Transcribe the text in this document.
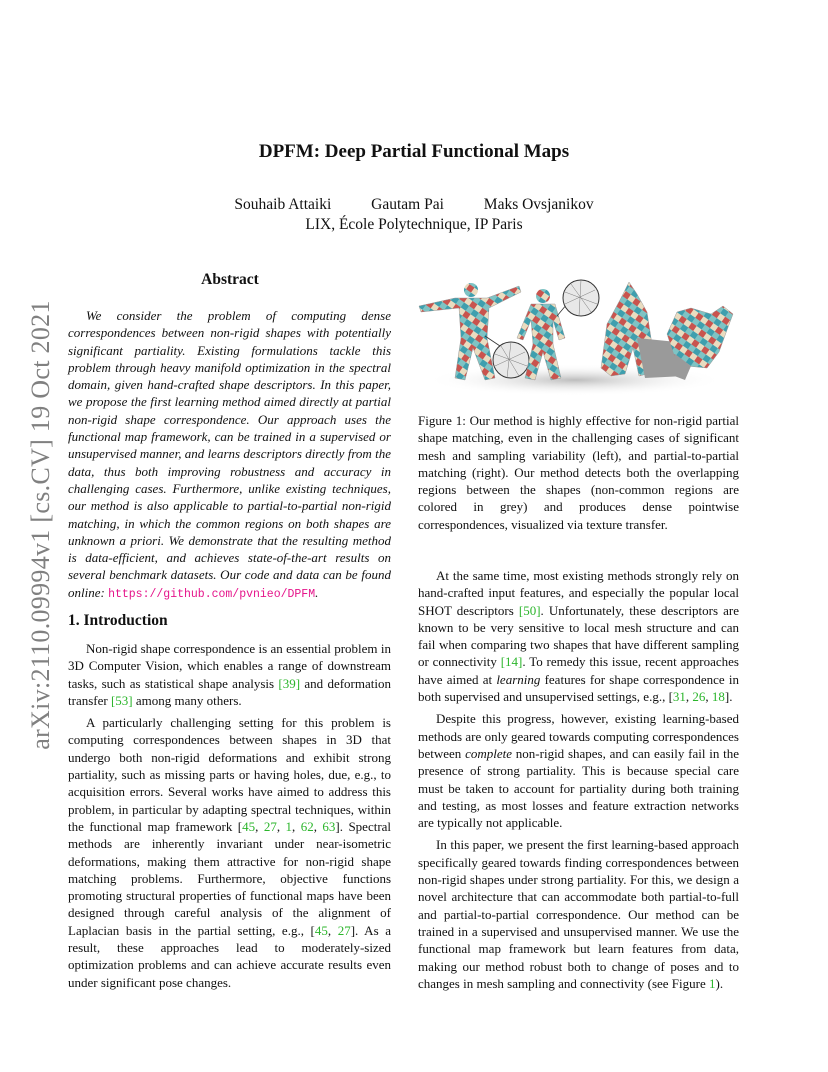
DPFM: Deep Partial Functional Maps
Souhaib Attaiki	Gautam Pai	Maks Ovsjanikov
LIX, École Polytechnique, IP Paris
arXiv:2110.09994v1 [cs.CV] 19 Oct 2021
Abstract
We consider the problem of computing dense correspondences between non-rigid shapes with potentially significant partiality. Existing formulations tackle this problem through heavy manifold optimization in the spectral domain, given hand-crafted shape descriptors. In this paper, we propose the first learning method aimed directly at partial non-rigid shape correspondence. Our approach uses the functional map framework, can be trained in a supervised or unsupervised manner, and learns descriptors directly from the data, thus both improving robustness and accuracy in challenging cases. Furthermore, unlike existing techniques, our method is also applicable to partial-to-partial non-rigid matching, in which the common regions on both shapes are unknown a priori. We demonstrate that the resulting method is data-efficient, and achieves state-of-the-art results on several benchmark datasets. Our code and data can be found online: https://github.com/pvnieo/DPFM.
1. Introduction

Non-rigid shape correspondence is an essential problem in 3D Computer Vision, which enables a range of downstream tasks, such as statistical shape analysis [39] and deformation transfer [53] among many others.

A particularly challenging setting for this problem is computing correspondences between shapes in 3D that undergo both non-rigid deformations and exhibit strong partiality, such as missing parts or having holes, due, e.g., to acquisition errors. Several works have aimed to address this problem, in particular by adapting spectral techniques, within the functional map framework [45, 27, 1, 62, 63]. Spectral methods are inherently invariant under near-isometric deformations, making them attractive for non-rigid shape matching problems. Furthermore, objective functions promoting structural properties of functional maps have been designed through careful analysis of the alignment of Laplacian basis in the partial setting, e.g., [45, 27]. As a result, these approaches lead to moderately-sized optimization problems and can achieve accurate results even under significant pose changes.

Figure 1: Our method is highly effective for non-rigid partial shape matching, even in the challenging cases of significant mesh and sampling variability (left), and partial-to-partial matching (right). Our method detects both the overlapping regions between the shapes (non-common regions are colored in grey) and produces dense pointwise correspondences, visualized via texture transfer.

At the same time, most existing methods strongly rely on hand-crafted input features, and especially the popular local SHOT descriptors [50]. Unfortunately, these descriptors are known to be very sensitive to local mesh structure and can fail when comparing two shapes that have different sampling or connectivity [14]. To remedy this issue, recent approaches have aimed at learning features for shape correspondence in both supervised and unsupervised settings, e.g., [31, 26, 18].

Despite this progress, however, existing learning-based methods are only geared towards computing correspondences between complete non-rigid shapes, and can easily fail in the presence of strong partiality. This is because special care must be taken to account for partiality during both training and testing, as most losses and feature extraction networks are typically not applicable.

In this paper, we present the first learning-based approach specifically geared towards finding correspondences between non-rigid shapes under strong partiality. For this, we design a novel architecture that can accommodate both partial-to-full and partial-to-partial correspondence. Our method can be trained in a supervised and unsupervised manner. We use the functional map framework but learn features from data, making our method robust both to change of poses and to changes in mesh sampling and connectivity (see Figure 1).
